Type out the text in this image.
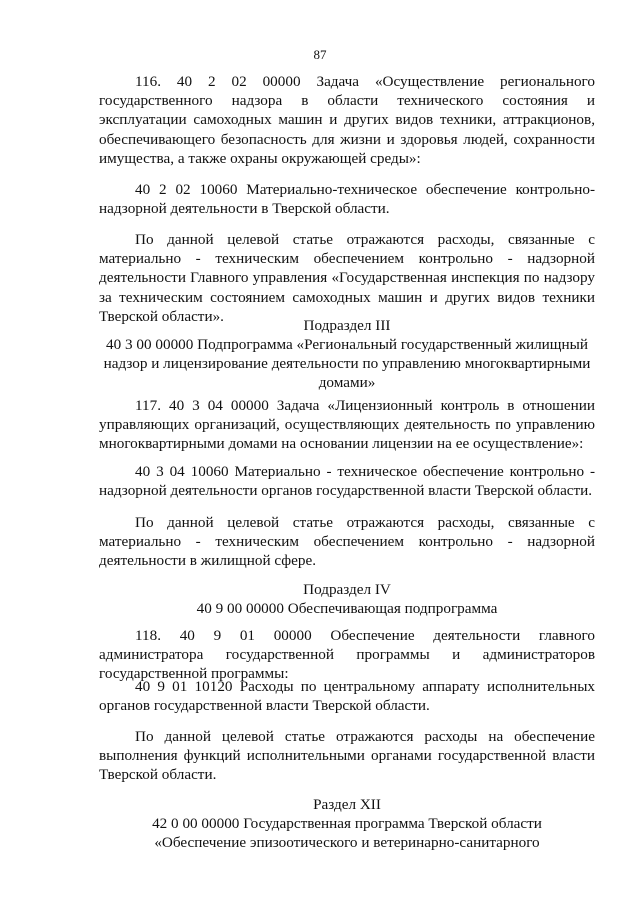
87

116. 40 2 02 00000 Задача «Осуществление регионального государственного надзора в области технического состояния и эксплуатации самоходных машин и других видов техники, аттракционов, обеспечивающего безопасность для жизни и здоровья людей, сохранности имущества, а также охраны окружающей среды»:

40 2 02 10060 Материально-техническое обеспечение контрольно-надзорной деятельности в Тверской области.

По данной целевой статье отражаются расходы, связанные с материально - техническим обеспечением контрольно - надзорной деятельности Главного управления «Государственная инспекция по надзору за техническим состоянием самоходных машин и других видов техники Тверской области».

Подраздел III

40 3 00 00000 Подпрограмма «Региональный государственный жилищный надзор и лицензирование деятельности по управлению многоквартирными домами»

117. 40 3 04 00000 Задача «Лицензионный контроль в отношении управляющих организаций, осуществляющих деятельность по управлению многоквартирными домами на основании лицензии на ее осуществление»:

40 3 04 10060 Материально - техническое обеспечение контрольно - надзорной деятельности органов государственной власти Тверской области.

По данной целевой статье отражаются расходы, связанные с материально - техническим обеспечением контрольно - надзорной деятельности в жилищной сфере.

Подраздел IV

40 9 00 00000 Обеспечивающая подпрограмма

118. 40 9 01 00000 Обеспечение деятельности главного администратора государственной программы и администраторов государственной программы:

40 9 01 10120 Расходы по центральному аппарату исполнительных органов государственной власти Тверской области.

По данной целевой статье отражаются расходы на обеспечение выполнения функций исполнительными органами государственной власти Тверской области.

Раздел XII

42 0 00 00000 Государственная программа Тверской области

«Обеспечение эпизоотического и ветеринарно-санитарного
